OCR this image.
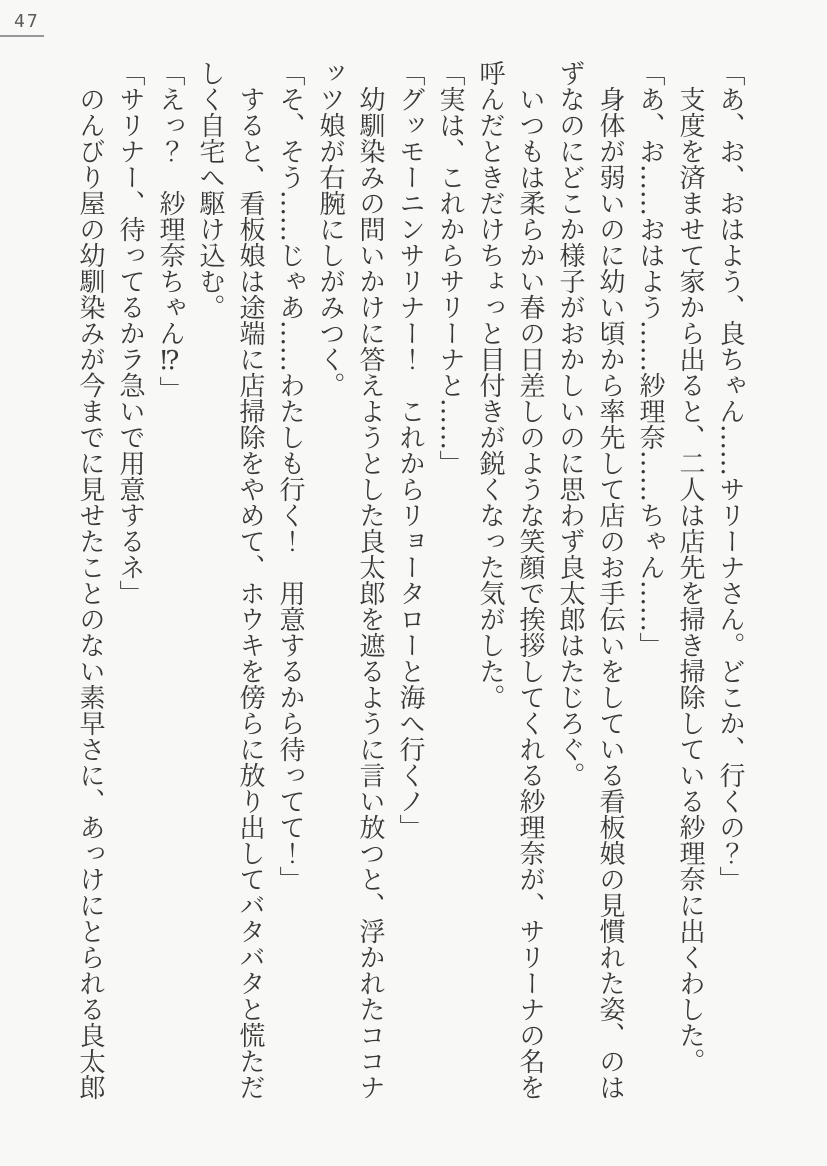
47

「あ、お、おはよう、良ちゃん……サリーナさん。どこか、行くの？」

支度を済ませて家から出ると、二人は店先を掃き掃除している紗理奈に出くわした。

「あ、お……おはよう……紗理奈……ちゃん……」

身体が弱いのに幼い頃から率先して店のお手伝いをしている看板娘の見慣れた姿、のは

ずなのにどこか様子がおかしいのに思わず良太郎はたじろぐ。

いつもは柔らかい春の日差しのような笑顔で挨拶してくれる紗理奈が、サリーナの名を

呼んだときだけちょっと目付きが鋭くなった気がした。

「実は、これからサリーナと……」

「グッモーニンサリナー！　これからリョータローと海へ行くノ」

幼馴染みの問いかけに答えようとした良太郎を遮るように言い放つと、浮かれたココナ

ッツ娘が右腕にしがみつく。

「そ、そう……じゃあ……わたしも行く！　用意するから待ってて！」

すると、看板娘は途端に店掃除をやめて、ホウキを傍らに放り出してバタバタと慌ただ

しく自宅へ駆け込む。

「えっ？　紗理奈ちゃん⁉」

「サリナー、待ってるかラ急いで用意するネ」

のんびり屋の幼馴染みが今までに見せたことのない素早さに、あっけにとられる良太郎
